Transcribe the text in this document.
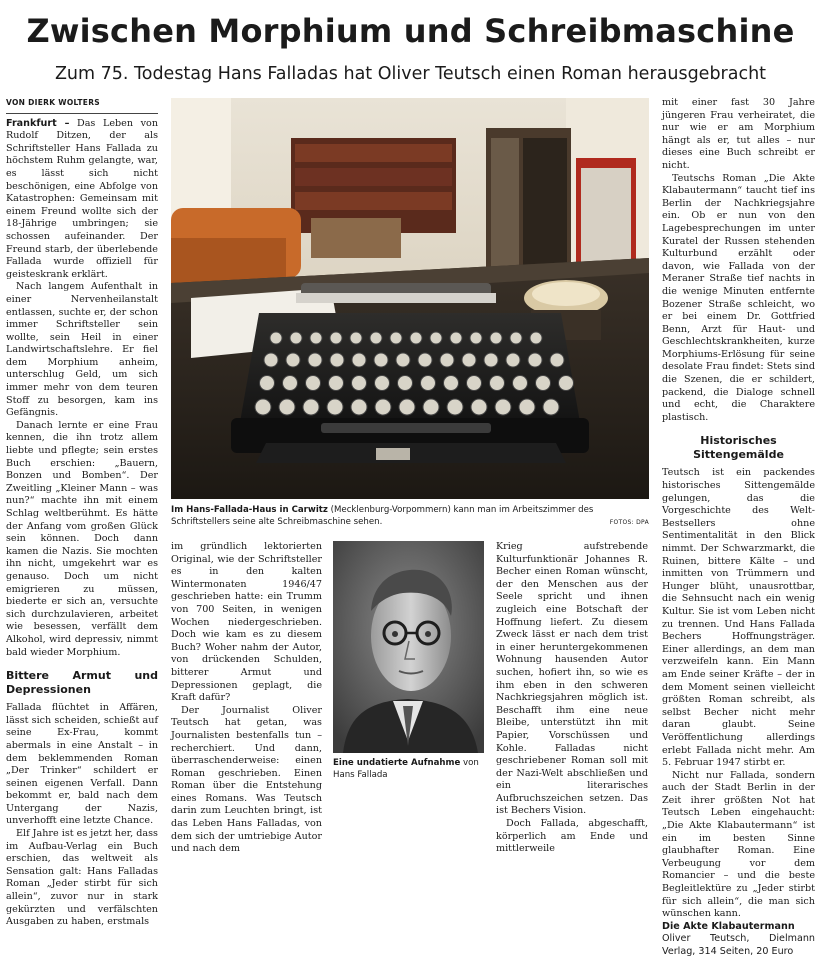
Zwischen Morphium und Schreibmaschine
Zum 75. Todestag Hans Falladas hat Oliver Teutsch einen Roman herausgebracht
VON DIERK WOLTERS

Frankfurt – Das Leben von Rudolf Ditzen, der als Schriftsteller Hans Fallada zu höchstem Ruhm gelangte, war, es lässt sich nicht beschönigen, eine Abfolge von Katastrophen: Gemeinsam mit einem Freund wollte sich der 18-Jährige umbringen; sie schossen aufeinander. Der Freund starb, der überlebende Fallada wurde offiziell für geisteskrank erklärt.

Nach langem Aufenthalt in einer Nervenheilanstalt entlassen, suchte er, der schon immer Schriftsteller sein wollte, sein Heil in einer Landwirtschaftslehre. Er fiel dem Morphium anheim, unterschlug Geld, um sich immer mehr von dem teuren Stoff zu besorgen, kam ins Gefängnis.

Danach lernte er eine Frau kennen, die ihn trotz allem liebte und pflegte; sein erstes Buch erschien: „Bauern, Bonzen und Bomben“. Der Zweitling „Kleiner Mann – was nun?“ machte ihn mit einem Schlag weltberühmt. Es hätte der Anfang vom großen Glück sein können. Doch dann kamen die Nazis. Sie mochten ihn nicht, umgekehrt war es genauso. Doch um nicht emigrieren zu müssen, biederte er sich an, versuchte sich durchzulavieren, arbeitet wie besessen, verfällt dem Alkohol, wird depressiv, nimmt bald wieder Morphium.

Bittere Armut und Depressionen

Fallada flüchtet in Affären, lässt sich scheiden, schießt auf seine Ex-Frau, kommt abermals in eine Anstalt – in dem beklemmenden Roman „Der Trinker“ schildert er seinen eigenen Verfall. Dann bekommt er, bald nach dem Untergang der Nazis, unverhofft eine letzte Chance.

Elf Jahre ist es jetzt her, dass im Aufbau-Verlag ein Buch erschien, das weltweit als Sensation galt: Hans Falladas Roman „Jeder stirbt für sich allein“, zuvor nur in stark gekürzten und verfälschten Ausgaben zu haben, erstmals

Im Hans-Fallada-Haus in Carwitz (Mecklenburg-Vorpommern) kann man im Arbeitszimmer des Schriftstellers seine alte Schreibmaschine sehen.	FOTOS: DPA

im gründlich lektorierten Original, wie der Schriftsteller es in den kalten Wintermonaten 1946/47 geschrieben hatte: ein Trumm von 700 Seiten, in wenigen Wochen niedergeschrieben. Doch wie kam es zu diesem Buch? Woher nahm der Autor, von drückenden Schulden, bitterer Armut und Depressionen geplagt, die Kraft dafür?

Der Journalist Oliver Teutsch hat getan, was Journalisten bestenfalls tun – recherchiert. Und dann, überraschenderweise: einen Roman geschrieben. Einen Roman über die Entstehung eines Romans. Was Teutsch darin zum Leuchten bringt, ist das Leben Hans Falladas, von dem sich der umtriebige Autor und nach dem

Eine undatierte Aufnahme von Hans Fallada

Krieg aufstrebende Kulturfunktionär Johannes R. Becher einen Roman wünscht, der den Menschen aus der Seele spricht und ihnen zugleich eine Botschaft der Hoffnung liefert. Zu diesem Zweck lässt er nach dem trist in einer heruntergekommenen Wohnung hausenden Autor suchen, hofiert ihn, so wie es ihm eben in den schweren Nachkriegsjahren möglich ist. Beschafft ihm eine neue Bleibe, unterstützt ihn mit Papier, Vorschüssen und Kohle. Falladas nicht geschriebener Roman soll mit der Nazi-Welt abschließen und ein literarisches Aufbruchszeichen setzen. Das ist Bechers Vision.

Doch Fallada, abgeschafft, körperlich am Ende und mittlerweile

mit einer fast 30 Jahre jüngeren Frau verheiratet, die nur wie er am Morphium hängt als er, tut alles – nur dieses eine Buch schreibt er nicht.

Teutschs Roman „Die Akte Klabautermann“ taucht tief ins Berlin der Nachkriegsjahre ein. Ob er nun von den Lagebesprechungen im unter Kuratel der Russen stehenden Kulturbund erzählt oder davon, wie Fallada von der Meraner Straße tief nachts in die wenige Minuten entfernte Bozener Straße schleicht, wo er bei einem Dr. Gottfried Benn, Arzt für Haut- und Geschlechtskrankheiten, kurze Morphiums-Erlösung für seine desolate Frau findet: Stets sind die Szenen, die er schildert, packend, die Dialoge schnell und echt, die Charaktere plastisch.

Historisches Sittengemälde

Teutsch ist ein packendes historisches Sittengemälde gelungen, das die Vorgeschichte des Welt-Bestsellers ohne Sentimentalität in den Blick nimmt. Der Schwarzmarkt, die Ruinen, bittere Kälte – und inmitten von Trümmern und Hunger blüht, unausrottbar, die Sehnsucht nach ein wenig Kultur. Sie ist vom Leben nicht zu trennen. Und Hans Fallada Bechers Hoffnungsträger. Einer allerdings, an dem man verzweifeln kann. Ein Mann am Ende seiner Kräfte – der in dem Moment seinen vielleicht größten Roman schreibt, als selbst Becher nicht mehr daran glaubt. Seine Veröffentlichung allerdings erlebt Fallada nicht mehr. Am 5. Februar 1947 stirbt er.

Nicht nur Fallada, sondern auch der Stadt Berlin in der Zeit ihrer größten Not hat Teutsch Leben eingehaucht: „Die Akte Klabautermann“ ist ein im besten Sinne glaubhafter Roman. Eine Verbeugung vor dem Romancier – und die beste Begleitlektüre zu „Jeder stirbt für sich allein“, die man sich wünschen kann.

Die Akte Klabautermann
Oliver Teutsch, Dielmann Verlag, 314 Seiten, 20 Euro
